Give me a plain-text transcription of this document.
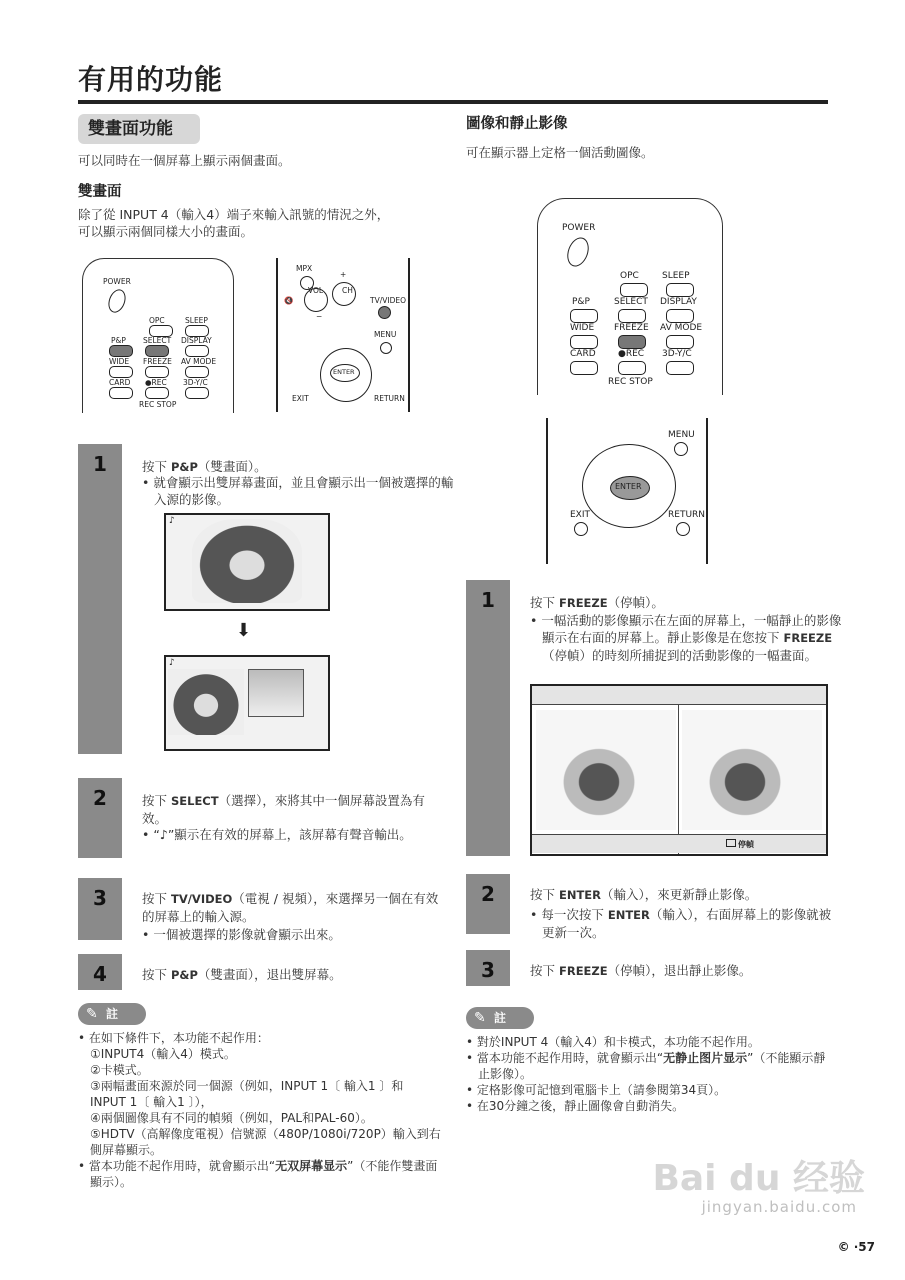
有用的功能
雙畫面功能
可以同時在一個屏幕上顯示兩個畫面。
雙畫面
除了從 INPUT 4（輸入4）端子來輸入訊號的情況之外，
可以顯示兩個同樣大小的畫面。
POWER
OPC	SLEEP
P&P SELECT DISPLAY
WIDE FREEZE AV MODE
CARD ●REC 3D-Y/C
REC STOP
MPX
VOL
+
CH
−
🔇	TV/VIDEO
MENU
ENTER
EXIT	RETURN
1	按下 P&P（雙畫面）。
• 就會顯示出雙屏幕畫面，並且會顯示出一個被選擇的輸入源的影像。
♪
⬇
♪
2	按下 SELECT（選擇），來將其中一個屏幕設置為有效。
• “♪”顯示在有效的屏幕上，該屏幕有聲音輸出。
3	按下 TV/VIDEO（電視 / 視頻），來選擇另一個在有效的屏幕上的輸入源。
• 一個被選擇的影像就會顯示出來。
4	按下 P&P（雙畫面），退出雙屏幕。
✎ 註
• 在如下條件下，本功能不起作用：
①INPUT4（輸入4）模式。
②卡模式。
③兩幅畫面來源於同一個源（例如，INPUT 1〔 輸入1 〕和 INPUT 1〔 輸入1 〕），
④兩個圖像具有不同的幀頻（例如，PAL和PAL-60）。
⑤HDTV（高解像度電視）信號源（480P/1080i/720P）輸入到右側屏幕顯示。
• 當本功能不起作用時，就會顯示出“无双屏幕显示”（不能作雙畫面顯示）。
圖像和靜止影像
可在顯示器上定格一個活動圖像。
POWER
OPC	SLEEP
P&P	SELECT DISPLAY
WIDE FREEZE AV MODE
CARD ●REC 3D-Y/C
REC STOP
MENU
ENTER
EXIT	RETURN
1	按下 FREEZE（停幀）。
• 一幅活動的影像顯示在左面的屏幕上，一幅靜止的影像顯示在右面的屏幕上。靜止影像是在您按下 FREEZE（停幀）的時刻所捕捉到的活動影像的一幅畫面。
停幀
2	按下 ENTER（輸入），來更新靜止影像。
• 每一次按下 ENTER（輸入），右面屏幕上的影像就被更新一次。
3	按下 FREEZE（停幀），退出靜止影像。
✎ 註
• 對於INPUT 4（輸入4）和卡模式，本功能不起作用。
• 當本功能不起作用時，就會顯示出“无静止图片显示”（不能顯示靜止影像）。
• 定格影像可記憶到電腦卡上（請參閱第34頁）。
• 在30分鐘之後，靜止圖像會自動消失。
Bai du 经验
jingyan.baidu.com
© ·57
